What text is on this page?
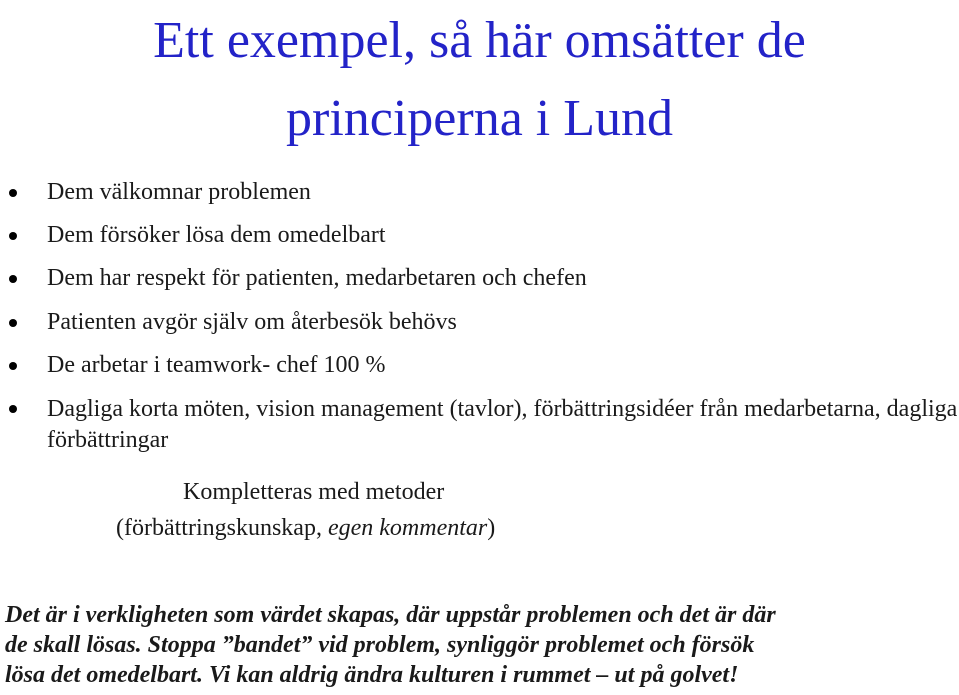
Ett exempel, så här omsätter de
principerna i Lund
Dem välkomnar problemen
Dem försöker lösa dem omedelbart
Dem har respekt för patienten, medarbetaren och chefen
Patienten avgör själv om återbesök behövs
De arbetar i teamwork- chef 100 %
Dagliga korta möten, vision management (tavlor), förbättringsidéer från medarbetarna, dagliga förbättringar
Kompletteras med metoder
(förbättringskunskap, egen kommentar)
Det är i verkligheten som värdet skapas, där uppstår problemen och det är där
de skall lösas. Stoppa ”bandet” vid problem, synliggör problemet och försök
lösa det omedelbart. Vi kan aldrig ändra kulturen i rummet – ut på golvet!
